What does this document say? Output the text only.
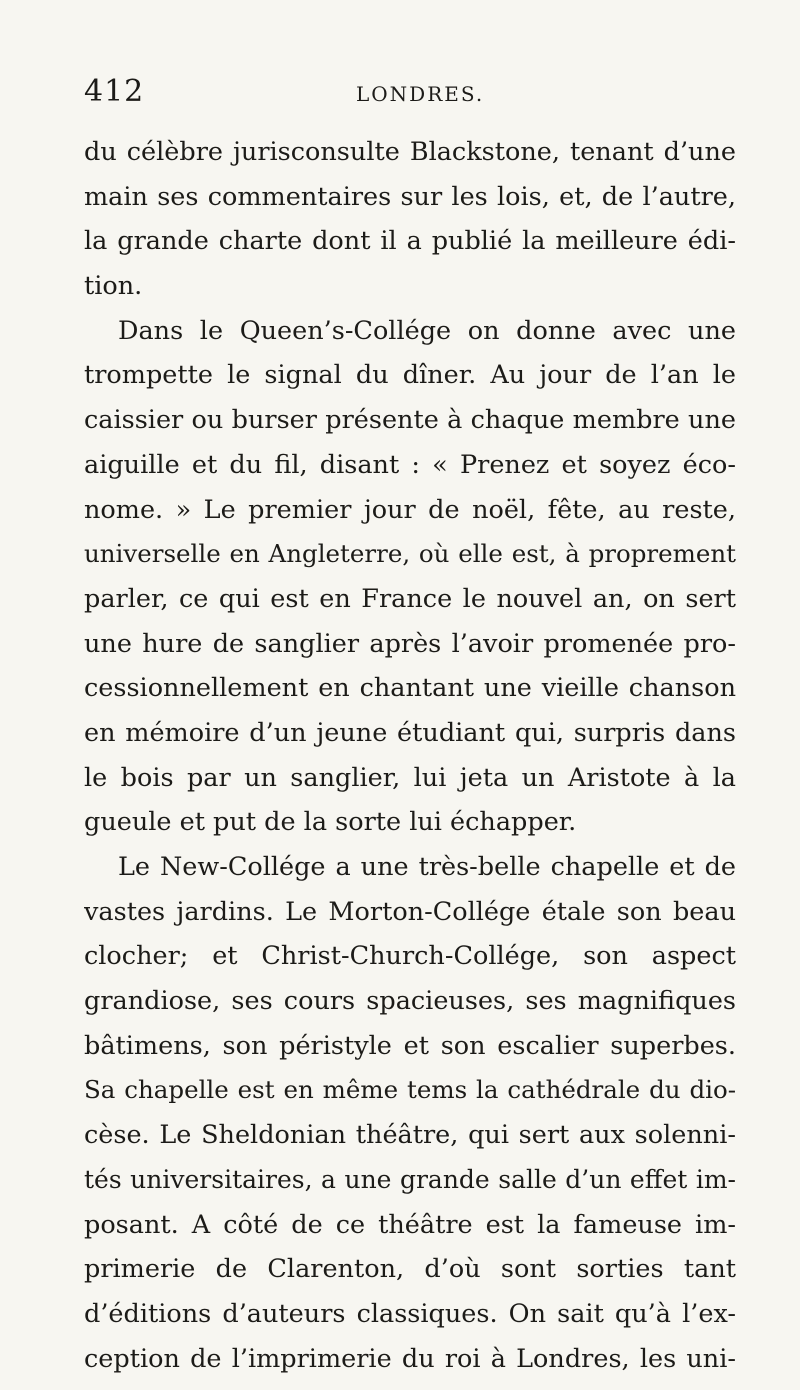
412	LONDRES.
du célèbre jurisconsulte Blackstone, tenant d’une
main ses commentaires sur les lois, et, de l’autre,
la grande charte dont il a publié la meilleure édi-
tion.
Dans le Queen’s-Collége on donne avec une
trompette le signal du dîner. Au jour de l’an le
caissier ou burser présente à chaque membre une
aiguille et du fil, disant : « Prenez et soyez éco-
nome. » Le premier jour de noël, fête, au reste,
universelle en Angleterre, où elle est, à proprement
parler, ce qui est en France le nouvel an, on sert
une hure de sanglier après l’avoir promenée pro-
cessionnellement en chantant une vieille chanson
en mémoire d’un jeune étudiant qui, surpris dans
le bois par un sanglier, lui jeta un Aristote à la
gueule et put de la sorte lui échapper.
Le New-Collége a une très-belle chapelle et de
vastes jardins. Le Morton-Collége étale son beau
clocher; et Christ-Church-Collége, son aspect
grandiose, ses cours spacieuses, ses magnifiques
bâtimens, son péristyle et son escalier superbes.
Sa chapelle est en même tems la cathédrale du dio-
cèse. Le Sheldonian théâtre, qui sert aux solenni-
tés universitaires, a une grande salle d’un effet im-
posant. A côté de ce théâtre est la fameuse im-
primerie de Clarenton, d’où sont sorties tant
d’éditions d’auteurs classiques. On sait qu’à l’ex-
ception de l’imprimerie du roi à Londres, les uni-
